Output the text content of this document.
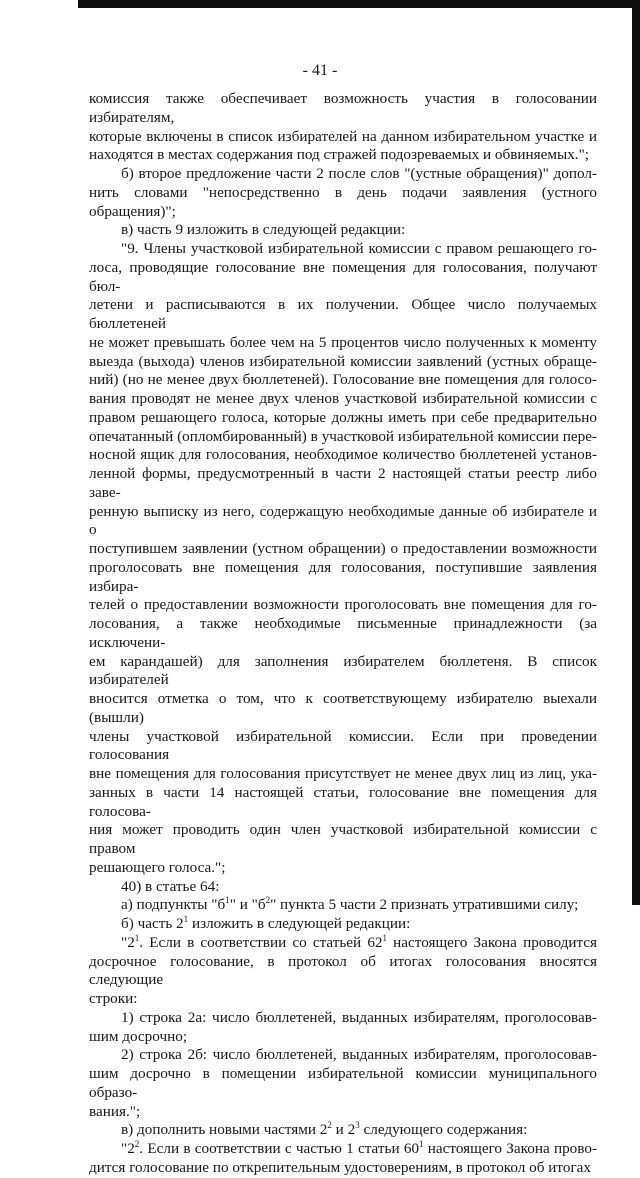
- 41 -
комиссия также обеспечивает возможность участия в голосовании избирателям,
которые включены в список избирателей на данном избирательном участке и
находятся в местах содержания под стражей подозреваемых и обвиняемых.";
б) второе предложение части 2 после слов "(устные обращения)" допол-
нить словами "непосредственно в день подачи заявления (устного обращения)";
в) часть 9 изложить в следующей редакции:
"9. Члены участковой избирательной комиссии с правом решающего го-
лоса, проводящие голосование вне помещения для голосования, получают бюл-
летени и расписываются в их получении. Общее число получаемых бюллетеней
не может превышать более чем на 5 процентов число полученных к моменту
выезда (выхода) членов избирательной комиссии заявлений (устных обраще-
ний) (но не менее двух бюллетеней). Голосование вне помещения для голосо-
вания проводят не менее двух членов участковой избирательной комиссии с
правом решающего голоса, которые должны иметь при себе предварительно
опечатанный (опломбированный) в участковой избирательной комиссии пере-
носной ящик для голосования, необходимое количество бюллетеней установ-
ленной формы, предусмотренный в части 2 настоящей статьи реестр либо заве-
ренную выписку из него, содержащую необходимые данные об избирателе и о
поступившем заявлении (устном обращении) о предоставлении возможности
проголосовать вне помещения для голосования, поступившие заявления избира-
телей о предоставлении возможности проголосовать вне помещения для го-
лосования, а также необходимые письменные принадлежности (за исключени-
ем карандашей) для заполнения избирателем бюллетеня. В список избирателей
вносится отметка о том, что к соответствующему избирателю выехали (вышли)
члены участковой избирательной комиссии. Если при проведении голосования
вне помещения для голосования присутствует не менее двух лиц из лиц, ука-
занных в части 14 настоящей статьи, голосование вне помещения для голосова-
ния может проводить один член участковой избирательной комиссии с правом
решающего голоса.";
40) в статье 64:
а) подпункты "$б^1$" и "$б^2$" пункта 5 части 2 признать утратившими силу;
б) часть $2^1$ изложить в следующей редакции:
"$2^1$. Если в соответствии со статьей $62^1$ настоящего Закона проводится
досрочное голосование, в протокол об итогах голосования вносятся следующие
строки:
1) строка 2а: число бюллетеней, выданных избирателям, проголосовав-
шим досрочно;
2) строка 2б: число бюллетеней, выданных избирателям, проголосовав-
шим досрочно в помещении избирательной комиссии муниципального образо-
вания.";
в) дополнить новыми частями $2^2$ и $2^3$ следующего содержания:
"$2^2$. Если в соответствии с частью 1 статьи $60^1$ настоящего Закона прово-
дится голосование по открепительным удостоверениям, в протокол об итогах
